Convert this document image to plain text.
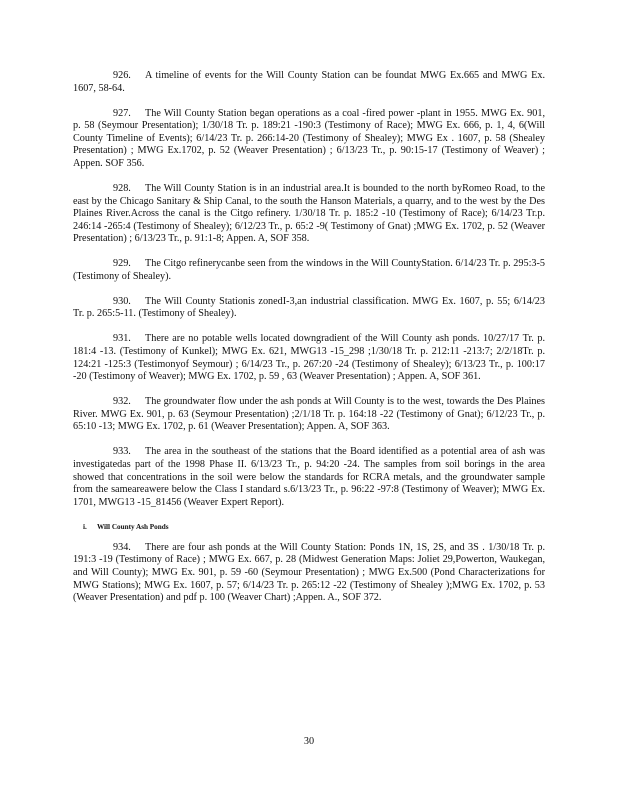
926. A timeline of events for the Will County Station can be foundat MWG Ex.665 and MWG Ex. 1607, 58-64.

927. The Will County Station began operations as a coal -fired power -plant in 1955. MWG Ex. 901, p. 58 (Seymour Presentation); 1/30/18 Tr. p. 189:21 -190:3 (Testimony of Race); MWG Ex. 666, p. 1, 4, 6(Will County Timeline of Events); 6/14/23 Tr. p. 266:14-20 (Testimony of Shealey); MWG Ex . 1607, p. 58 (Shealey Presentation) ; MWG Ex.1702, p. 52 (Weaver Presentation) ; 6/13/23 Tr., p. 90:15-17 (Testimony of Weaver) ; Appen. SOF 356.

928. The Will County Station is in an industrial area.It is bounded to the north byRomeo Road, to the east by the Chicago Sanitary & Ship Canal, to the south the Hanson Materials, a quarry, and to the west by the Des Plaines River.Across the canal is the Citgo refinery. 1/30/18 Tr. p. 185:2 -10 (Testimony of Race); 6/14/23 Tr.p. 246:14 -265:4 (Testimony of Shealey); 6/12/23 Tr., p. 65:2 -9( Testimony of Gnat) ;MWG Ex. 1702, p. 52 (Weaver Presentation) ; 6/13/23 Tr., p. 91:1-8; Appen. A, SOF 358.

929. The Citgo refinerycanbe seen from the windows in the Will CountyStation. 6/14/23 Tr. p. 295:3-5 (Testimony of Shealey).

930. The Will County Stationis zonedI-3,an industrial classification. MWG Ex. 1607, p. 55; 6/14/23 Tr. p. 265:5-11. (Testimony of Shealey).

931. There are no potable wells located downgradient of the Will County ash ponds. 10/27/17 Tr. p. 181:4 -13. (Testimony of Kunkel); MWG Ex. 621, MWG13 -15_298 ;1/30/18 Tr. p. 212:11 -213:7; 2/2/18Tr. p. 124:21 -125:3 (Testimonyof Seymour) ; 6/14/23 Tr., p. 267:20 -24 (Testimony of Shealey); 6/13/23 Tr., p. 100:17 -20 (Testimony of Weaver); MWG Ex. 1702, p. 59 , 63 (Weaver Presentation) ; Appen. A, SOF 361.

932. The groundwater flow under the ash ponds at Will County is to the west, towards the Des Plaines River. MWG Ex. 901, p. 63 (Seymour Presentation) ;2/1/18 Tr. p. 164:18 -22 (Testimony of Gnat); 6/12/23 Tr., p. 65:10 -13; MWG Ex. 1702, p. 61 (Weaver Presentation); Appen. A, SOF 363.

933. The area in the southeast of the stations that the Board identified as a potential area of ash was investigatedas part of the 1998 Phase II. 6/13/23 Tr., p. 94:20 -24. The samples from soil borings in the area showed that concentrations in the soil were below the standards for RCRA metals, and the groundwater sample from the sameareawere below the Class I standard s.6/13/23 Tr., p. 96:22 -97:8 (Testimony of Weaver); MWG Ex. 1701, MWG13 -15_81456 (Weaver Expert Report).

i. Will County Ash Ponds

934. There are four ash ponds at the Will County Station: Ponds 1N, 1S, 2S, and 3S . 1/30/18 Tr. p. 191:3 -19 (Testimony of Race) ; MWG Ex. 667, p. 28 (Midwest Generation Maps: Joliet 29,Powerton, Waukegan, and Will County); MWG Ex. 901, p. 59 -60 (Seymour Presentation) ; MWG Ex.500 (Pond Characterizations for MWG Stations); MWG Ex. 1607, p. 57; 6/14/23 Tr. p. 265:12 -22 (Testimony of Shealey );MWG Ex. 1702, p. 53 (Weaver Presentation) and pdf p. 100 (Weaver Chart) ;Appen. A., SOF 372.

30
